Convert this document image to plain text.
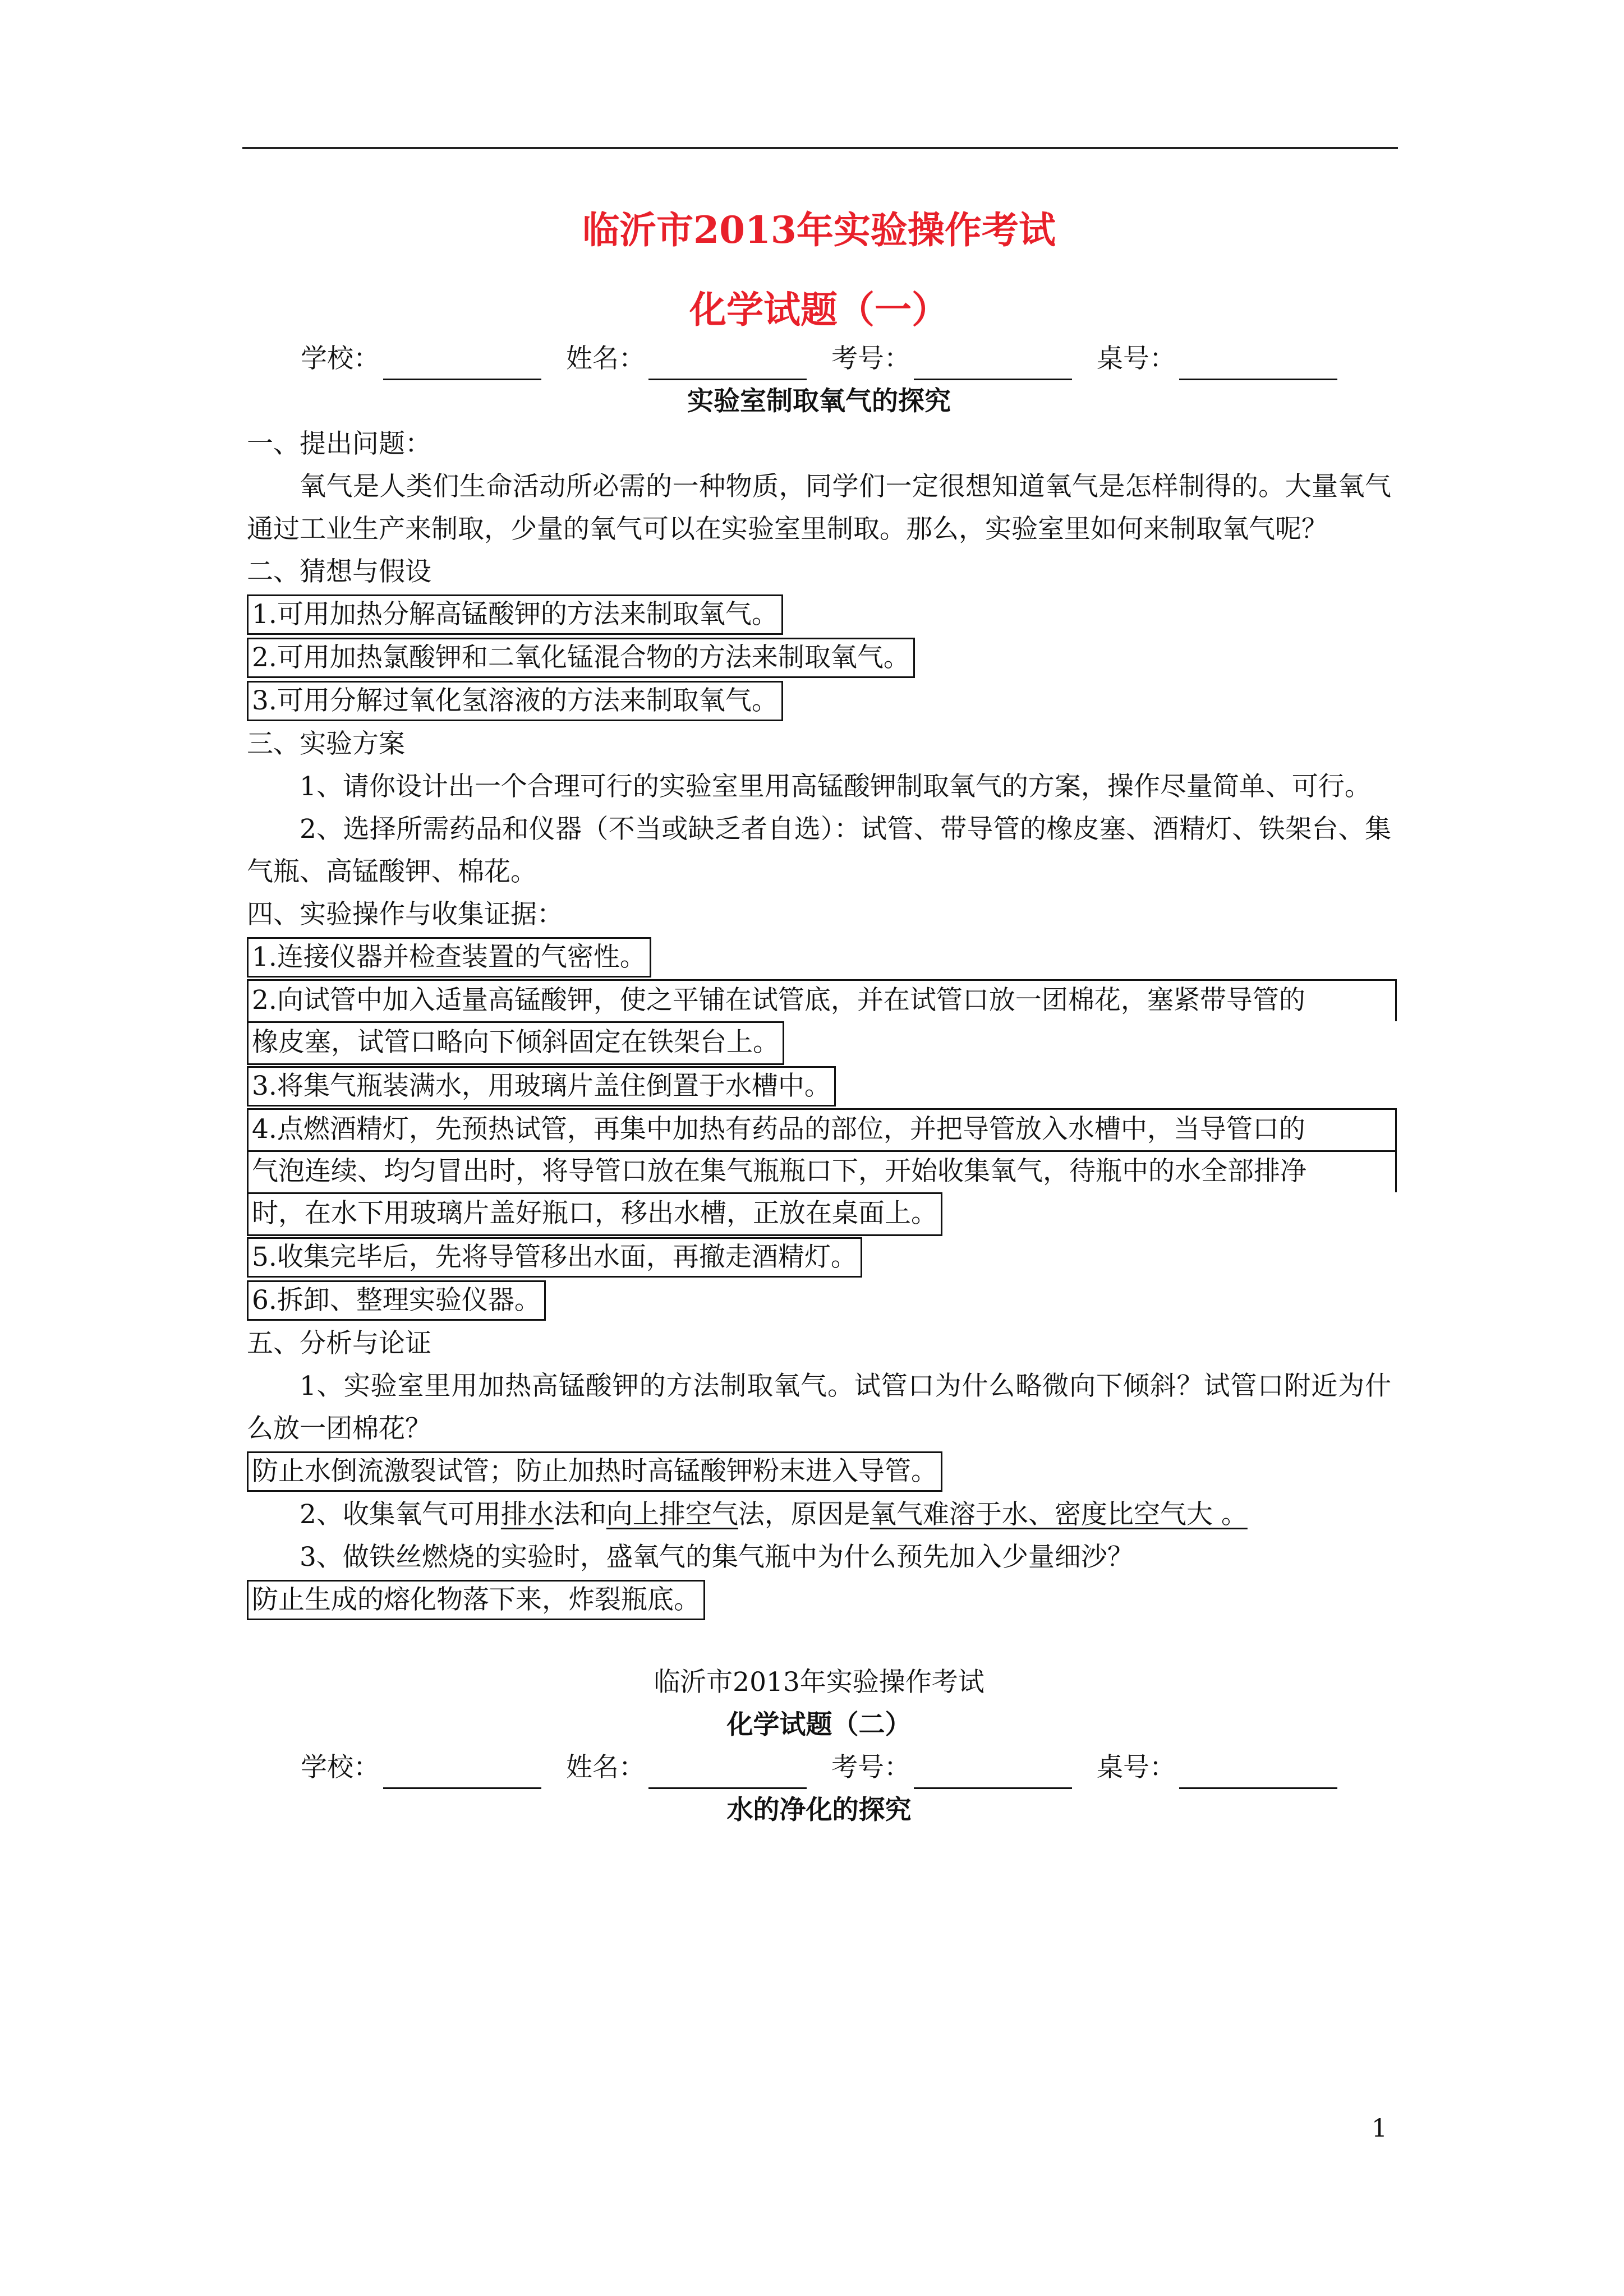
临沂市2013年实验操作考试
化学试题（一）
学校：	姓名：	考号：	桌号：
实验室制取氧气的探究
一、提出问题：
氧气是人类们生命活动所必需的一种物质，同学们一定很想知道氧气是怎样制得的。大量氧气通过工业生产来制取，少量的氧气可以在实验室里制取。那么，实验室里如何来制取氧气呢？
二、猜想与假设
1.可用加热分解高锰酸钾的方法来制取氧气。
2.可用加热氯酸钾和二氧化锰混合物的方法来制取氧气。
3.可用分解过氧化氢溶液的方法来制取氧气。
三、实验方案
1、请你设计出一个合理可行的实验室里用高锰酸钾制取氧气的方案，操作尽量简单、可行。
2、选择所需药品和仪器（不当或缺乏者自选）：试管、带导管的橡皮塞、酒精灯、铁架台、集气瓶、高锰酸钾、棉花。
四、实验操作与收集证据：
1.连接仪器并检查装置的气密性。
2.向试管中加入适量高锰酸钾，使之平铺在试管底，并在试管口放一团棉花，塞紧带导管的
橡皮塞，试管口略向下倾斜固定在铁架台上。
3.将集气瓶装满水，用玻璃片盖住倒置于水槽中。
4.点燃酒精灯，先预热试管，再集中加热有药品的部位，并把导管放入水槽中，当导管口的
气泡连续、均匀冒出时，将导管口放在集气瓶瓶口下，开始收集氧气，待瓶中的水全部排净
时，在水下用玻璃片盖好瓶口，移出水槽，正放在桌面上。
5.收集完毕后，先将导管移出水面，再撤走酒精灯。
6.拆卸、整理实验仪器。
五、分析与论证
1、实验室里用加热高锰酸钾的方法制取氧气。试管口为什么略微向下倾斜？试管口附近为什么放一团棉花？
防止水倒流激裂试管；防止加热时高锰酸钾粉末进入导管。
2、收集氧气可用排水法和向上排空气法，原因是氧气难溶于水、密度比空气大 。
3、做铁丝燃烧的实验时，盛氧气的集气瓶中为什么预先加入少量细沙？
防止生成的熔化物落下来，炸裂瓶底。
临沂市2013年实验操作考试
化学试题（二）
学校：	姓名：	考号：	桌号：
水的净化的探究
1
